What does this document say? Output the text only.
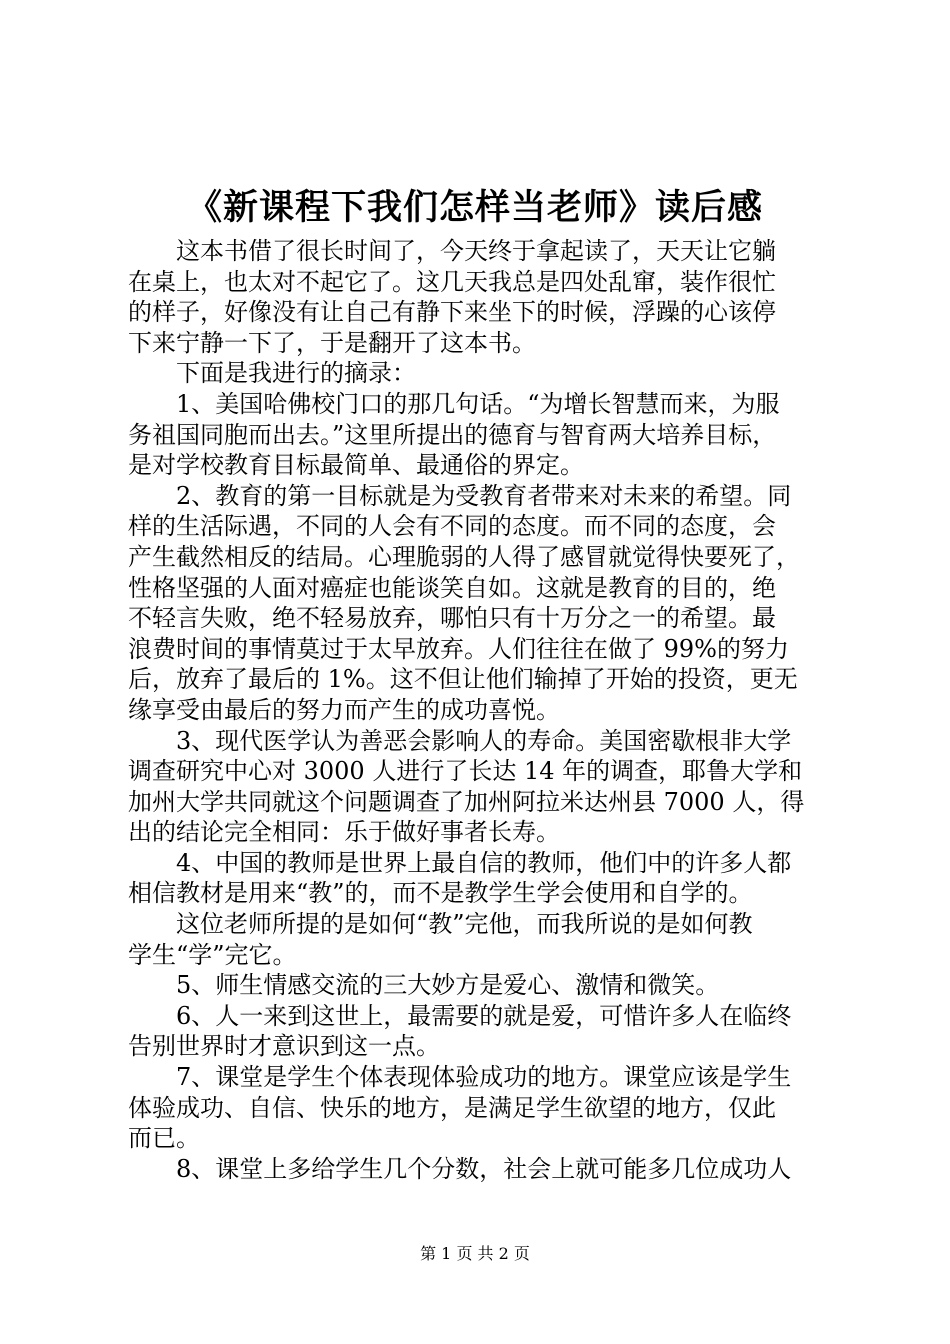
《新课程下我们怎样当老师》读后感

　　这本书借了很长时间了，今天终于拿起读了，天天让它躺

在桌上，也太对不起它了。这几天我总是四处乱窜，装作很忙

的样子，好像没有让自己有静下来坐下的时候，浮躁的心该停

下来宁静一下了，于是翻开了这本书。

　　下面是我进行的摘录：

　　1、美国哈佛校门口的那几句话。“为增长智慧而来，为服

务祖国同胞而出去。”这里所提出的德育与智育两大培养目标，

是对学校教育目标最简单、最通俗的界定。

　　2、教育的第一目标就是为受教育者带来对未来的希望。同

样的生活际遇，不同的人会有不同的态度。而不同的态度，会

产生截然相反的结局。心理脆弱的人得了感冒就觉得快要死了，

性格坚强的人面对癌症也能谈笑自如。这就是教育的目的，绝

不轻言失败，绝不轻易放弃，哪怕只有十万分之一的希望。最

浪费时间的事情莫过于太早放弃。人们往往在做了 99%的努力

后，放弃了最后的 1%。这不但让他们输掉了开始的投资，更无

缘享受由最后的努力而产生的成功喜悦。

　　3、现代医学认为善恶会影响人的寿命。美国密歇根非大学

调查研究中心对 3000 人进行了长达 14 年的调查，耶鲁大学和

加州大学共同就这个问题调查了加州阿拉米达州县 7000 人，得

出的结论完全相同：乐于做好事者长寿。

　　4、中国的教师是世界上最自信的教师，他们中的许多人都

相信教材是用来“教”的，而不是教学生学会使用和自学的。

　　这位老师所提的是如何“教”完他，而我所说的是如何教

学生“学”完它。

　　5、师生情感交流的三大妙方是爱心、激情和微笑。

　　6、人一来到这世上，最需要的就是爱，可惜许多人在临终

告别世界时才意识到这一点。

　　7、课堂是学生个体表现体验成功的地方。课堂应该是学生

体验成功、自信、快乐的地方，是满足学生欲望的地方，仅此

而已。

　　8、课堂上多给学生几个分数，社会上就可能多几位成功人

第 1 页 共 2 页
